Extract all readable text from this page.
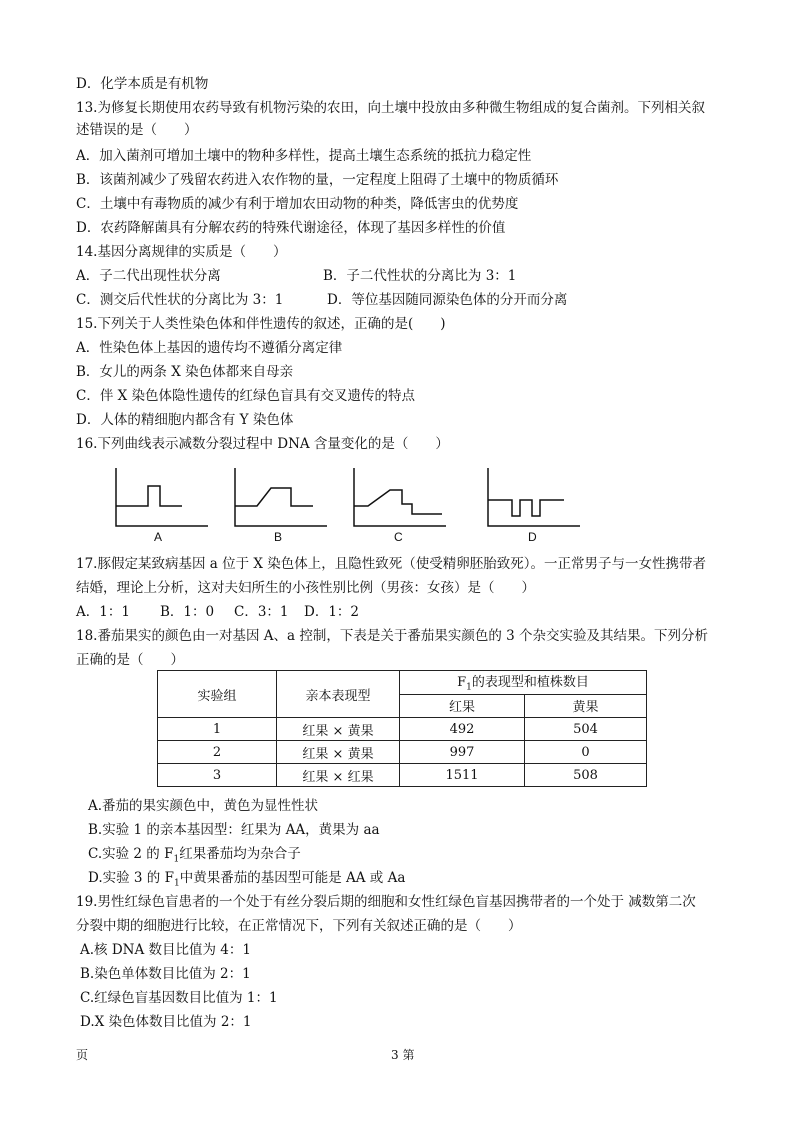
D．化学本质是有机物
13.为修复长期使用农药导致有机物污染的农田，向土壤中投放由多种微生物组成的复合菌剂。下列相关叙
述错误的是（　　）
A．加入菌剂可增加土壤中的物种多样性，提高土壤生态系统的抵抗力稳定性
B．该菌剂减少了残留农药进入农作物的量，一定程度上阻碍了土壤中的物质循环
C．土壤中有毒物质的减少有利于增加农田动物的种类，降低害虫的优势度
D．农药降解菌具有分解农药的特殊代谢途径，体现了基因多样性的价值
14.基因分离规律的实质是（　　）
A．子二代出现性状分离	B．子二代性状的分离比为 3：1
C．测交后代性状的分离比为 3：1	D．等位基因随同源染色体的分开而分离
15.下列关于人类性染色体和伴性遗传的叙述，正确的是(　　)
A．性染色体上基因的遗传均不遵循分离定律
B．女儿的两条 X 染色体都来自母亲
C．伴 X 染色体隐性遗传的红绿色盲具有交叉遗传的特点
D．人体的精细胞内都含有 Y 染色体
16.下列曲线表示减数分裂过程中 DNA 含量变化的是（　　）
A	B	C	D
17.豚假定某致病基因 a 位于 X 染色体上，且隐性致死（使受精卵胚胎致死）。一正常男子与一女性携带者
结婚，理论上分析，这对夫妇所生的小孩性别比例（男孩：女孩）是（　　）
A．1：1 B．1：0 C．3：1 D．1：2
18.番茄果实的颜色由一对基因 A、a 控制，下表是关于番茄果实颜色的 3 个杂交实验及其结果。下列分析
正确的是（　　）
实验组	亲本表现型	$F_1$的表现型和植株数目	
		红果	黄果
1	红果 × 黄果	492	504
2	红果 × 黄果	997	0
3	红果 × 红果	1511	508
A.番茄的果实颜色中，黄色为显性性状
B.实验 1 的亲本基因型：红果为 AA，黄果为 aa
C.实验 2 的 $F_1$红果番茄均为杂合子
D.实验 3 的 $F_1$中黄果番茄的基因型可能是 AA 或 Aa
19.男性红绿色盲患者的一个处于有丝分裂后期的细胞和女性红绿色盲基因携带者的一个处于 减数第二次
分裂中期的细胞进行比较，在正常情况下，下列有关叙述正确的是（　　）
A.核 DNA 数目比值为 4：1
B.染色单体数目比值为 2：1
C.红绿色盲基因数目比值为 1：1
D.X 染色体数目比值为 2：1
页	3 第
